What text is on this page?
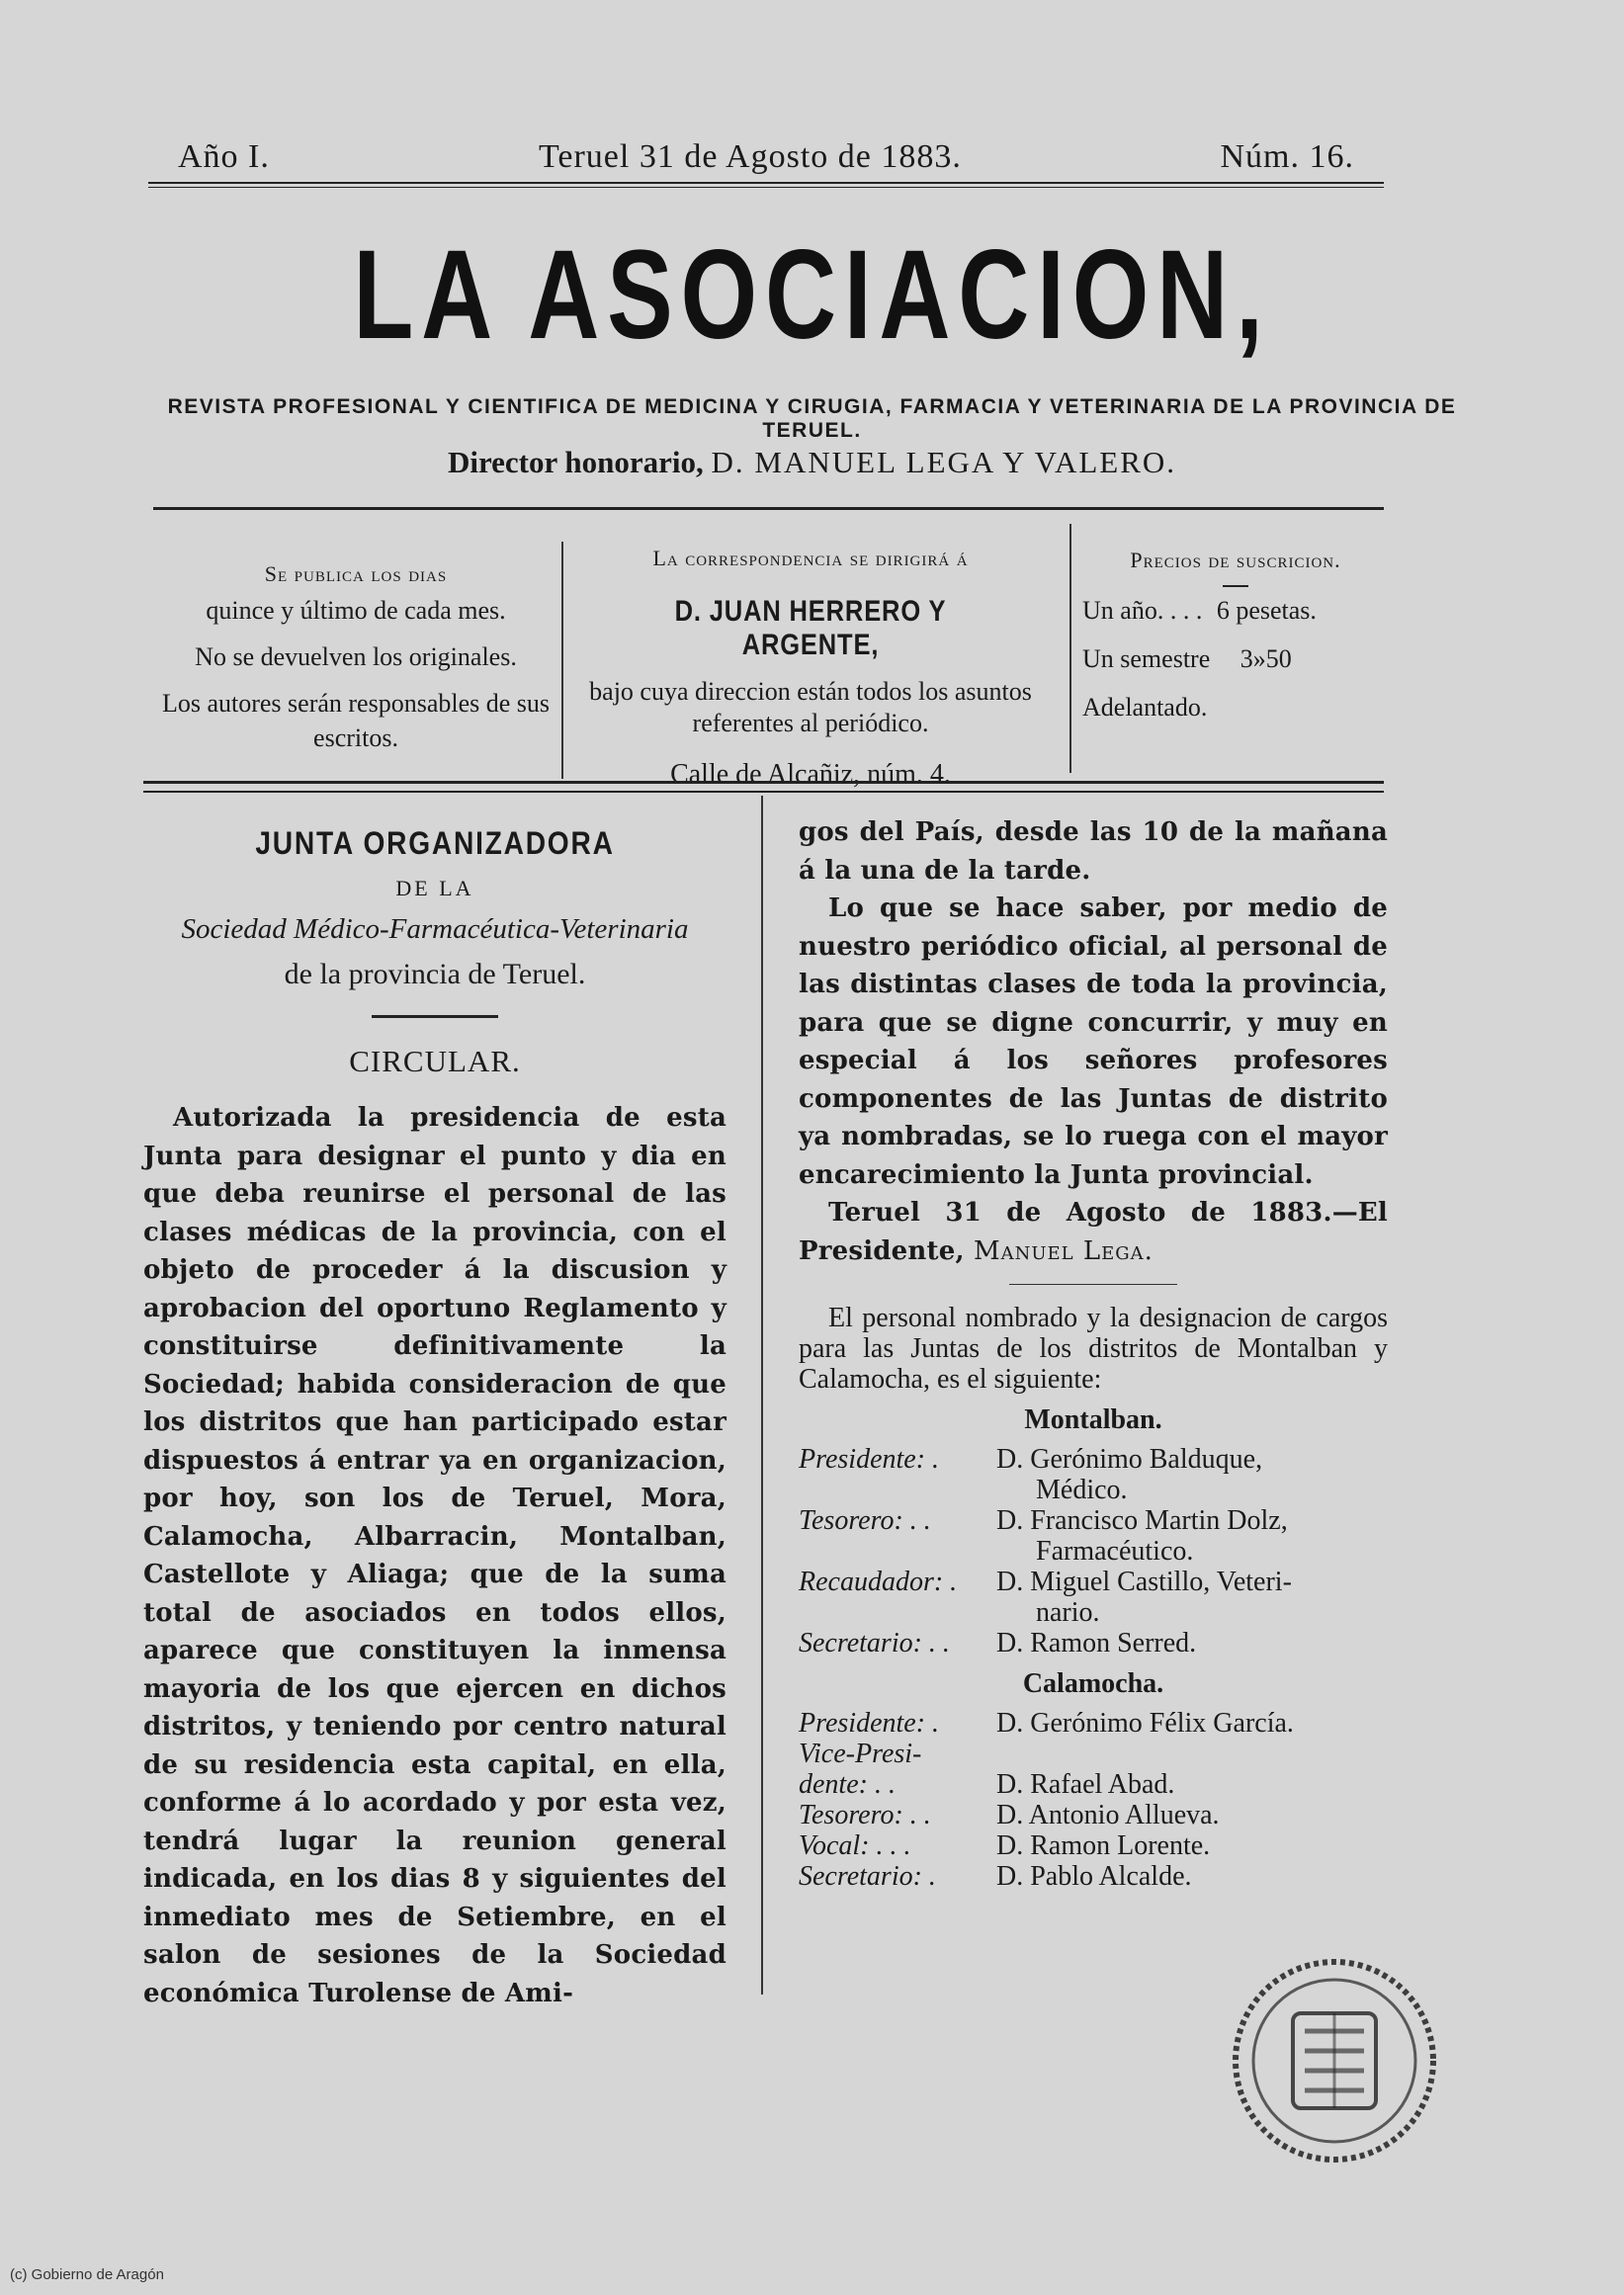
Año I.	Teruel 31 de Agosto de 1883.	Núm. 16.
LA ASOCIACION,
REVISTA PROFESIONAL Y CIENTIFICA DE MEDICINA Y CIRUGIA, FARMACIA Y VETERINARIA DE LA PROVINCIA DE TERUEL.
Director honorario, D. MANUEL LEGA Y VALERO.

Se publica los dias

quince y último de cada mes.

No se devuelven los originales.

Los autores serán responsables de sus escritos.

La correspondencia se dirigirá á

D. JUAN HERRERO Y ARGENTE,

bajo cuya direccion están todos los asuntos referentes al periódico.

Calle de Alcañiz, núm. 4.

Precios de suscricion.

Un año. . . . 6 pesetas.

Un semestre 3»50

Adelantado.

JUNTA ORGANIZADORA
DE LA
Sociedad Médico-Farmacéutica-Veterinaria
de la provincia de Teruel.
CIRCULAR.

Autorizada la presidencia de esta Junta para designar el punto y dia en que deba reunirse el personal de las clases médicas de la provincia, con el objeto de proceder á la discusion y aprobacion del oportuno Reglamento y constituirse definitivamente la Sociedad; habida consideracion de que los distritos que han participado estar dispuestos á entrar ya en organizacion, por hoy, son los de Teruel, Mora, Calamocha, Albarracin, Montalban, Castellote y Aliaga; que de la suma total de asociados en todos ellos, aparece que constituyen la inmensa mayoria de los que ejercen en dichos distritos, y teniendo por centro natural de su residencia esta capital, en ella, conforme á lo acordado y por esta vez, tendrá lugar la reunion general indicada, en los dias 8 y siguientes del inmediato mes de Setiembre, en el salon de sesiones de la Sociedad económica Turolense de Ami-

gos del País, desde las 10 de la mañana á la una de la tarde.

Lo que se hace saber, por medio de nuestro periódico oficial, al personal de las distintas clases de toda la provincia, para que se digne concurrir, y muy en especial á los señores profesores componentes de las Juntas de distrito ya nombradas, se lo ruega con el mayor encarecimiento la Junta provincial.

Teruel 31 de Agosto de 1883.—El Presidente, Manuel Lega.

El personal nombrado y la designacion de cargos para las Juntas de los distritos de Montalban y Calamocha, es el siguiente:

Montalban.
Presidente: .	D. Gerónimo Balduque,
Médico.
Tesorero: . .	D. Francisco Martin Dolz,
Farmacéutico.
Recaudador: .	D. Miguel Castillo, Veteri-
nario.
Secretario: . .	D. Ramon Serred.
Calamocha.
Presidente: .	D. Gerónimo Félix García.
Vice-Presi-
dente: . .	D. Rafael Abad.
Tesorero: . .	D. Antonio Allueva.
Vocal: . . .	D. Ramon Lorente.
Secretario: .	D. Pablo Alcalde.
(c) Gobierno de Aragón
